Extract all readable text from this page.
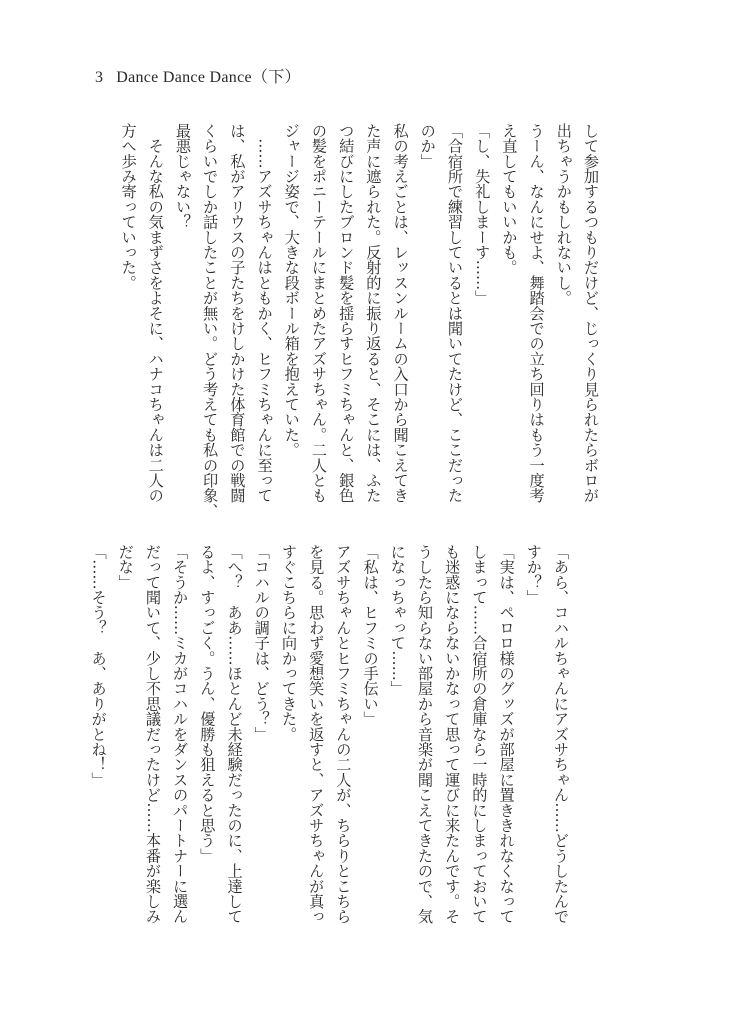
3 Dance Dance Dance（下）
して参加するつもりだけど、じっくり見られたらボロが
出ちゃうかもしれないし。
うーん、なんにせよ、舞踏会での立ち回りはもう一度考
え直してもいいかも。
「し、失礼しまーす……」
「合宿所で練習しているとは聞いてたけど、ここだった
のか」
私の考えごとは、レッスンルームの入口から聞こえてき
た声に遮られた。反射的に振り返ると、そこには、ふた
つ結びにしたブロンド髪を揺らすヒフミちゃんと、銀色
の髪をポニーテールにまとめたアズサちゃん。二人とも
ジャージ姿で、大きな段ボール箱を抱えていた。
　……アズサちゃんはともかく、ヒフミちゃんに至って
は、私がアリウスの子たちをけしかけた体育館での戦闘
くらいでしか話したことが無い。どう考えても私の印象、
最悪じゃない？
　そんな私の気まずさをよそに、ハナコちゃんは二人の
方へ歩み寄っていった。
「あら、コハルちゃんにアズサちゃん……どうしたんで
すか？」
「実は、ペロロ様のグッズが部屋に置ききれなくなって
しまって……合宿所の倉庫なら一時的にしまっておいて
も迷惑にならないかなって思って運びに来たんです。そ
うしたら知らない部屋から音楽が聞こえてきたので、気
になっちゃって……」
「私は、ヒフミの手伝い」
アズサちゃんとヒフミちゃんの二人が、ちらりとこちら
を見る。思わず愛想笑いを返すと、アズサちゃんが真っ
すぐこちらに向かってきた。
「コハルの調子は、どう？」
「へ？　ああ……ほとんど未経験だったのに、上達して
るよ、すっごく。うん、優勝も狙えると思う」
「そうか……ミカがコハルをダンスのパートナーに選ん
だって聞いて、少し不思議だったけど……本番が楽しみ
だな」
「……そう？　あ、ありがとね！」
